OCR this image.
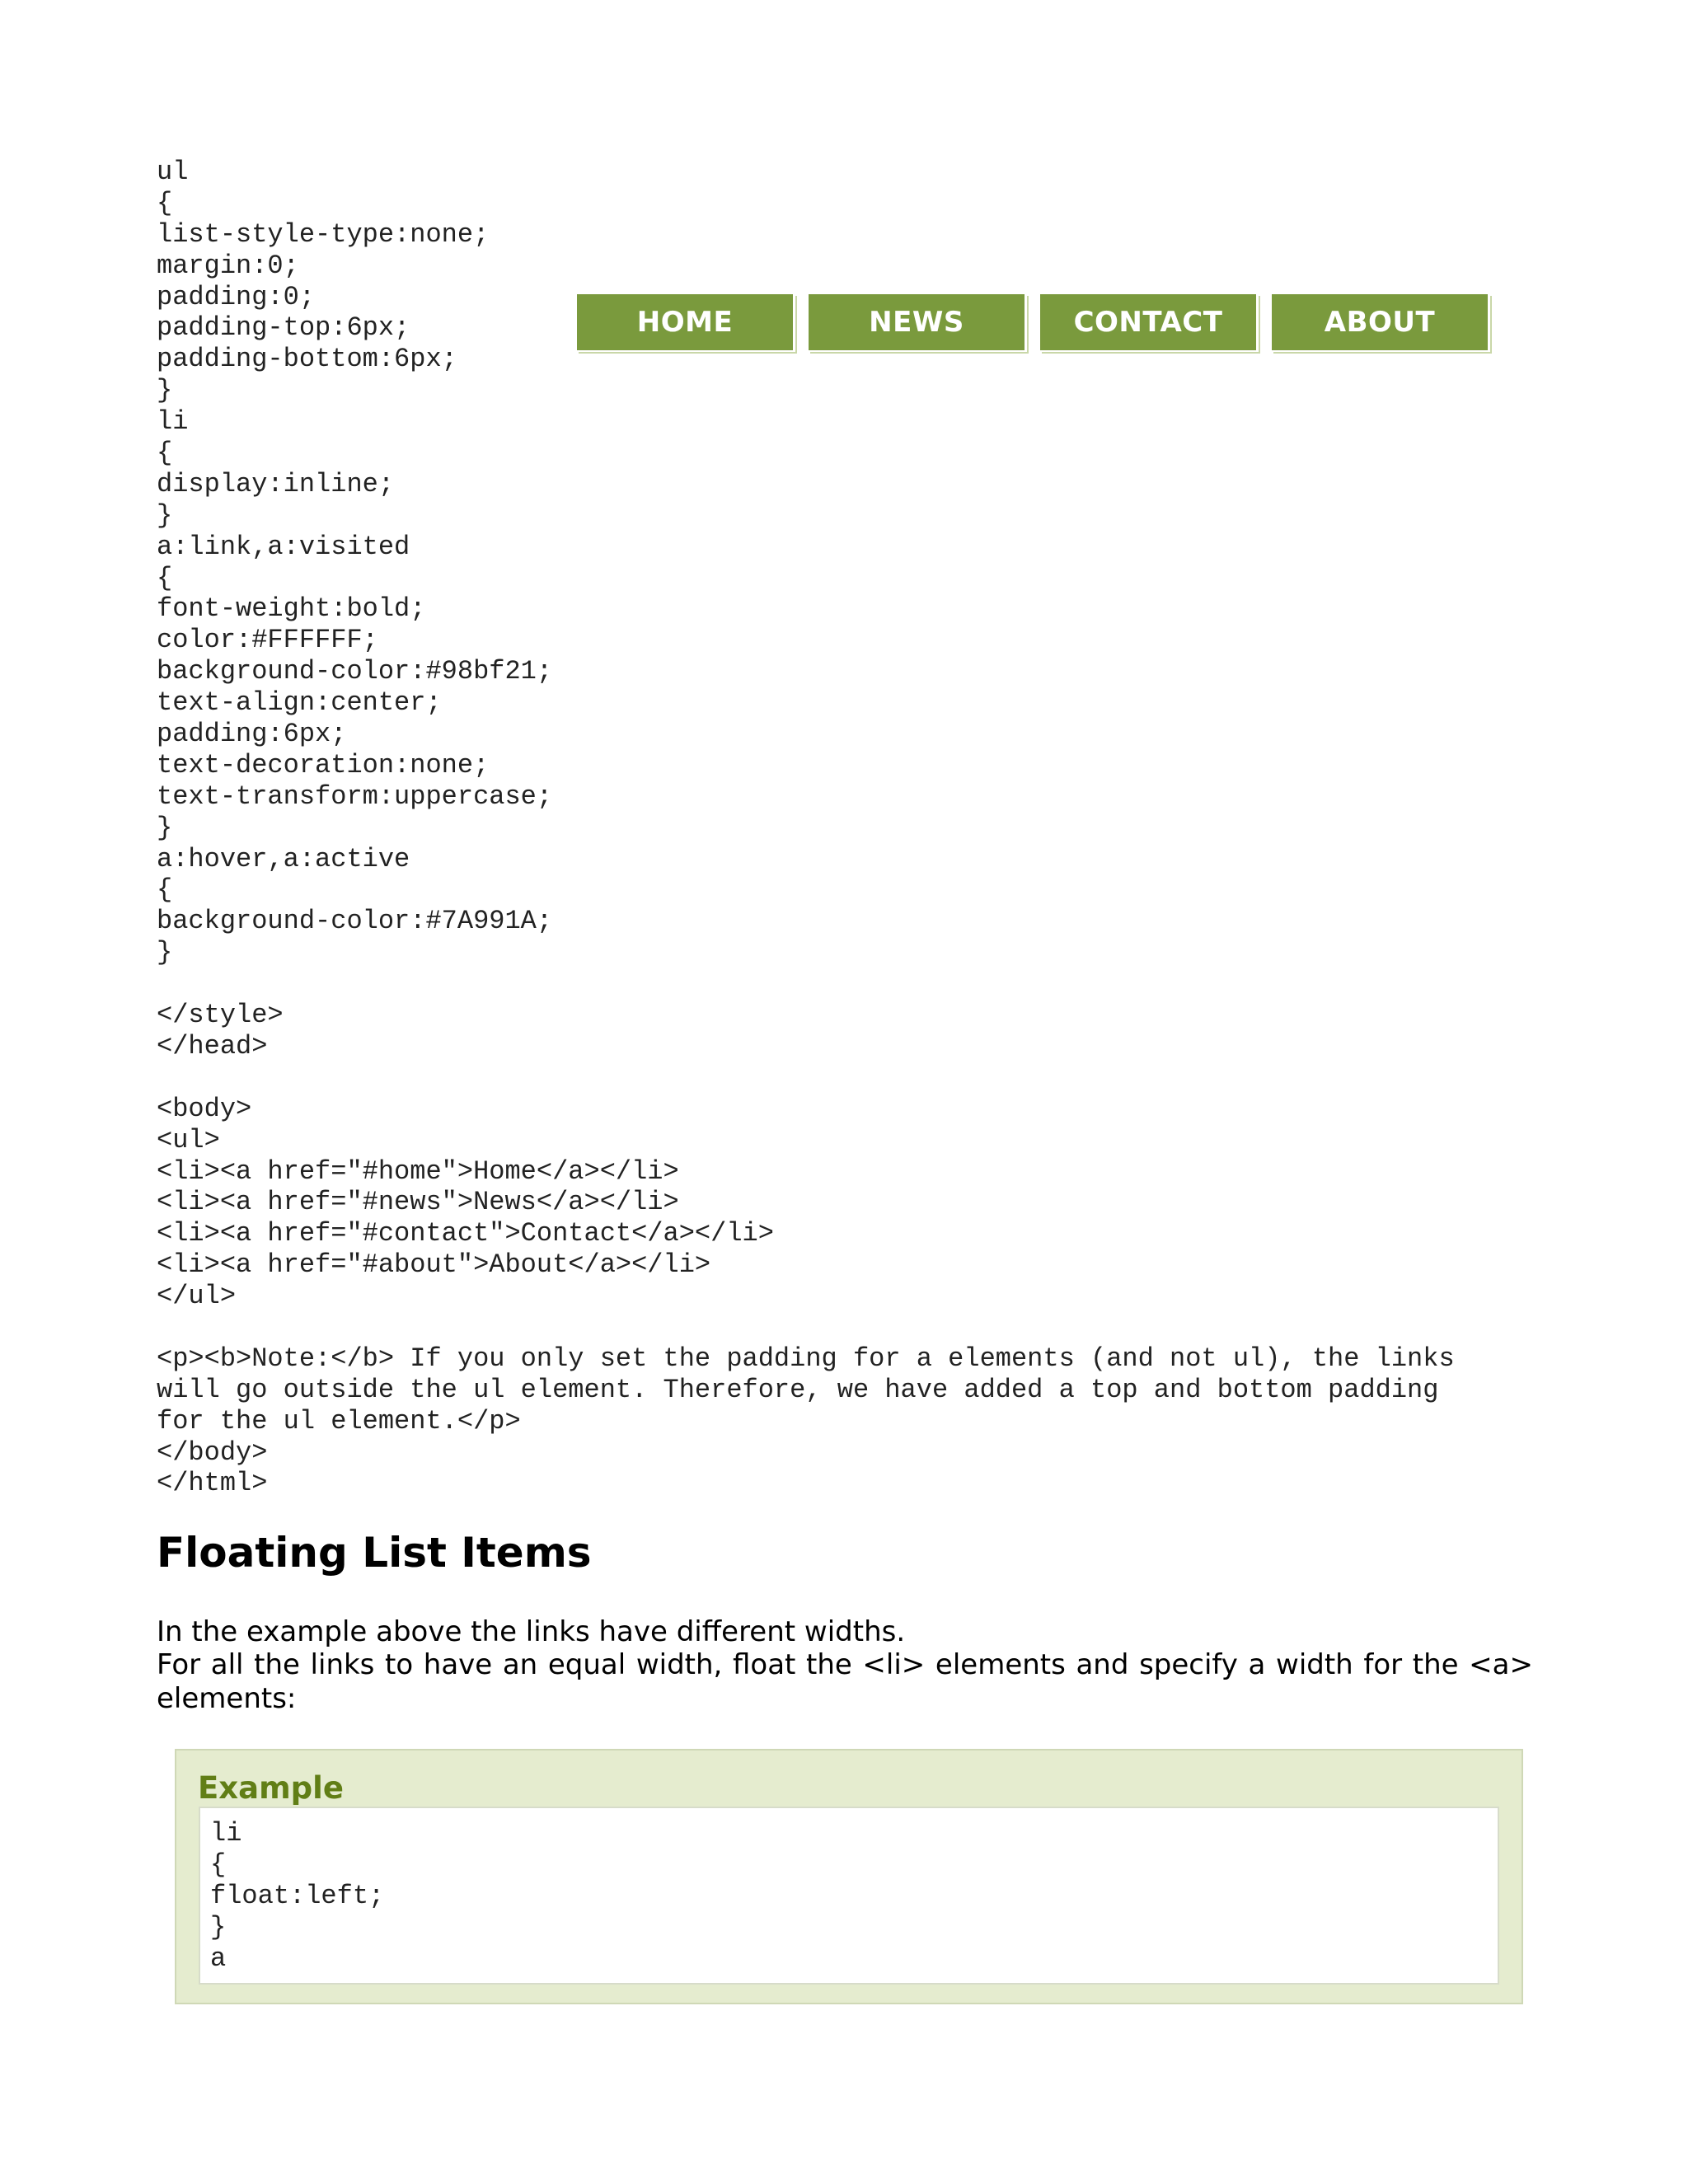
ul
{
list-style-type:none;
margin:0;
padding:0;
padding-top:6px;
padding-bottom:6px;
}
li
{
display:inline;
}
a:link,a:visited
{
font-weight:bold;
color:#FFFFFF;
background-color:#98bf21;
text-align:center;
padding:6px;
text-decoration:none;
text-transform:uppercase;
}
a:hover,a:active
{
background-color:#7A991A;
}
</style>
</head>
<body>
<ul>
<li><a href="#home">Home</a></li>
<li><a href="#news">News</a></li>
<li><a href="#contact">Contact</a></li>
<li><a href="#about">About</a></li>
</ul>
<p><b>Note:</b> If you only set the padding for a elements (and not ul), the links
will go outside the ul element. Therefore, we have added a top and bottom padding
for the ul element.</p>
</body>
</html>
HOME	NEWS	CONTACT	ABOUT
Floating List Items

In the example above the links have different widths.

For all the links to have an equal width, float the <li> elements and specify a width for the <a> elements:

Example
li
{
float:left;
}
a
